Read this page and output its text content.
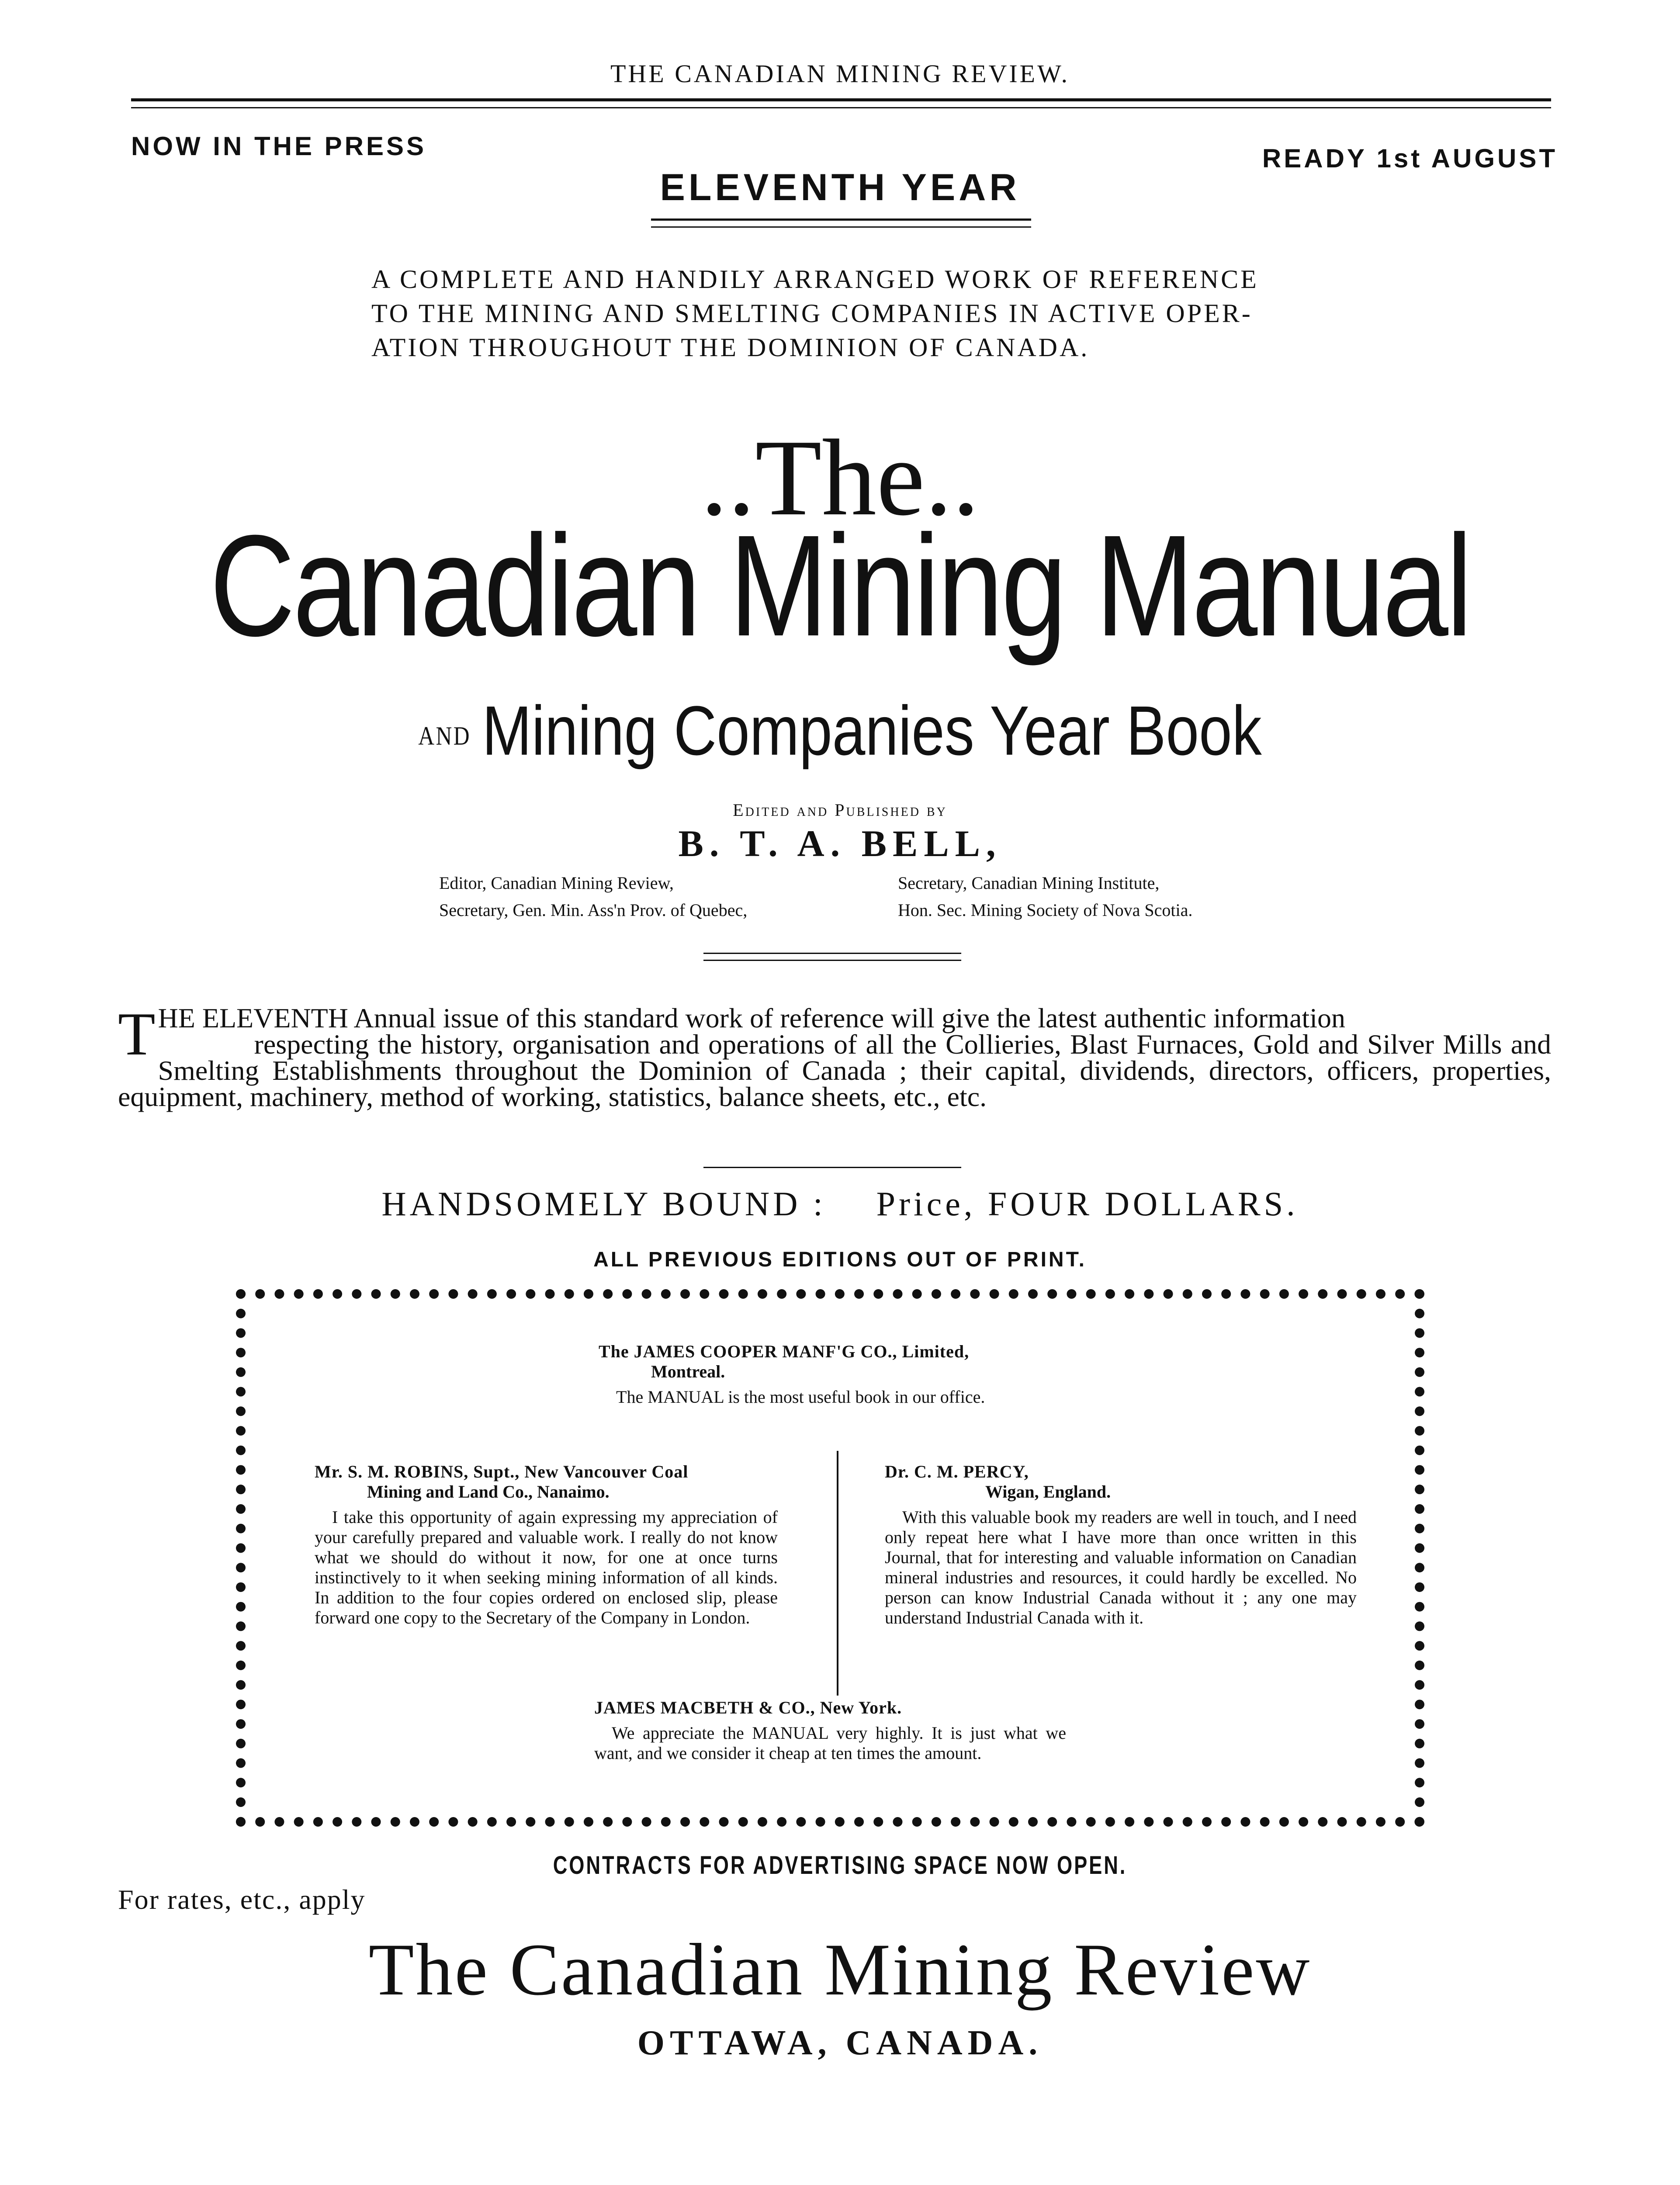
THE CANADIAN MINING REVIEW.
NOW IN THE PRESS	READY 1st AUGUST
ELEVENTH YEAR
A COMPLETE AND HANDILY ARRANGED WORK OF REFERENCE
TO THE MINING AND SMELTING COMPANIES IN ACTIVE OPER-
ATION THROUGHOUT THE DOMINION OF CANADA.
..The..
Canadian Mining Manual
AND Mining Companies Year Book
Edited and Published by
B. T. A. BELL,
Editor, Canadian Mining Review,
Secretary, Gen. Min. Ass'n Prov. of Quebec,
Secretary, Canadian Mining Institute,
Hon. Sec. Mining Society of Nova Scotia.
T HE ELEVENTH Annual issue of this standard work of reference will give the latest authentic information
respecting the history, organisation and operations of all the Collieries, Blast Furnaces, Gold and Silver Mills and Smelting Establishments throughout the Dominion of Canada ; their capital, dividends, directors, officers, properties, equipment, machinery, method of working, statistics, balance sheets, etc., etc.
HANDSOMELY BOUND : Price, FOUR DOLLARS.
ALL PREVIOUS EDITIONS OUT OF PRINT.
The JAMES COOPER MANF'G CO., Limited,
Montreal.
The MANUAL is the most useful book in our office.
Mr. S. M. ROBINS, Supt., New Vancouver Coal
Mining and Land Co., Nanaimo.
I take this opportunity of again expressing my appreciation of your carefully prepared and valuable work. I really do not know what we should do without it now, for one at once turns instinctively to it when seeking mining information of all kinds. In addition to the four copies ordered on enclosed slip, please forward one copy to the Secretary of the Company in London.
Dr. C. M. PERCY,
Wigan, England.
With this valuable book my readers are well in touch, and I need only repeat here what I have more than once written in this Journal, that for interesting and valuable information on Canadian mineral industries and resources, it could hardly be excelled. No person can know Industrial Canada without it ; any one may understand Industrial Canada with it.
JAMES MACBETH & CO., New York.
We appreciate the MANUAL very highly. It is just what we want, and we consider it cheap at ten times the amount.
CONTRACTS FOR ADVERTISING SPACE NOW OPEN.
For rates, etc., apply
The Canadian Mining Review
OTTAWA, CANADA.
